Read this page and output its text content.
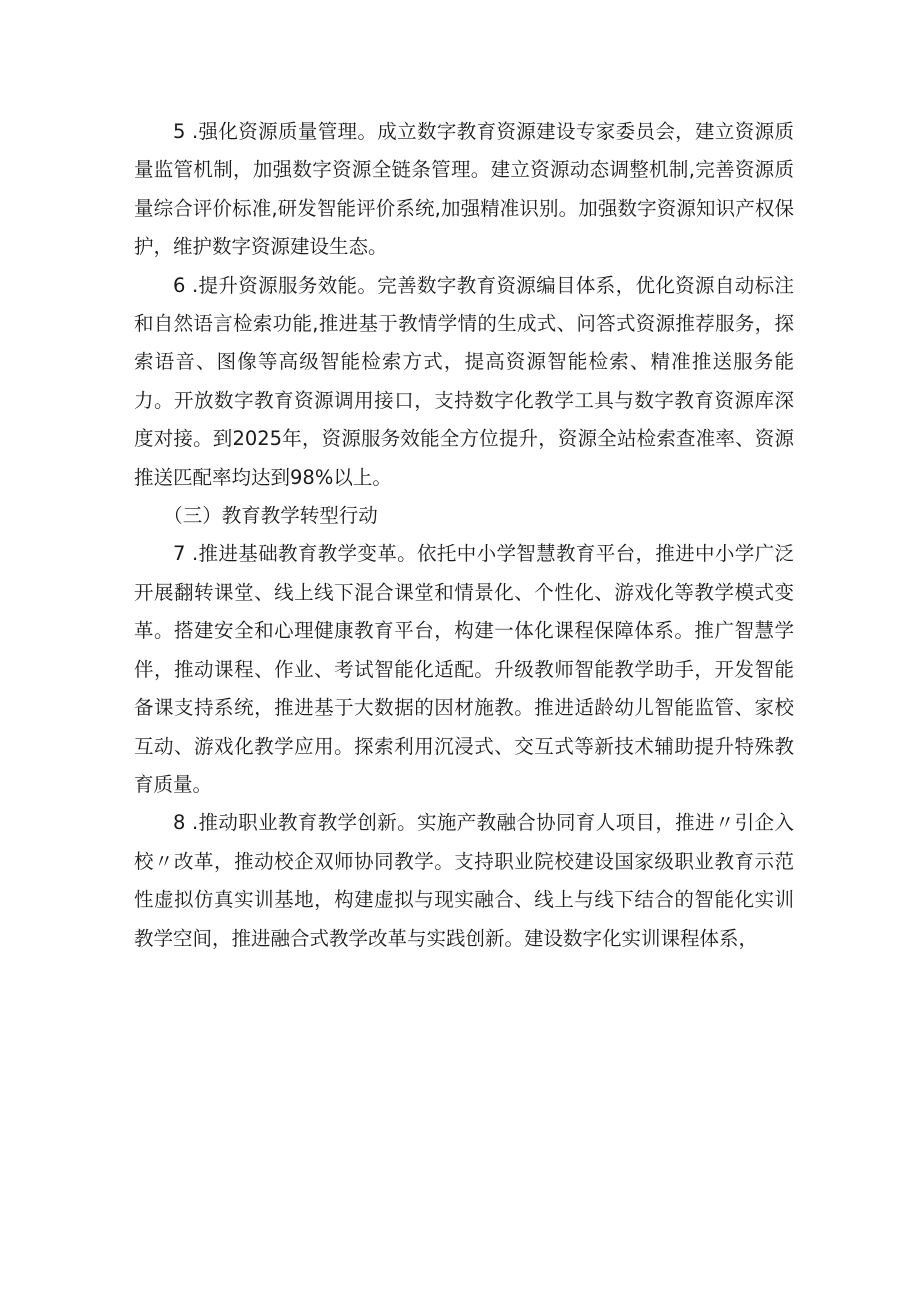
5 .强化资源质量管理。成立数字教育资源建设专家委员会，建立资源质量监管机制，加强数字资源全链条管理。建立资源动态调整机制,完善资源质量综合评价标准,研发智能评价系统,加强精准识别。加强数字资源知识产权保护，维护数字资源建设生态。

6 .提升资源服务效能。完善数字教育资源编目体系，优化资源自动标注和自然语言检索功能,推进基于教情学情的生成式、问答式资源推荐服务，探索语音、图像等高级智能检索方式，提高资源智能检索、精准推送服务能力。开放数字教育资源调用接口，支持数字化教学工具与数字教育资源库深度对接。到2025年，资源服务效能全方位提升，资源全站检索查准率、资源推送匹配率均达到98%以上。

（三）教育教学转型行动

7 .推进基础教育教学变革。依托中小学智慧教育平台，推进中小学广泛开展翻转课堂、线上线下混合课堂和情景化、个性化、游戏化等教学模式变革。搭建安全和心理健康教育平台，构建一体化课程保障体系。推广智慧学伴，推动课程、作业、考试智能化适配。升级教师智能教学助手，开发智能备课支持系统，推进基于大数据的因材施教。推进适龄幼儿智能监管、家校互动、游戏化教学应用。探索利用沉浸式、交互式等新技术辅助提升特殊教育质量。

8 .推动职业教育教学创新。实施产教融合协同育人项目，推进〃引企入校〃改革，推动校企双师协同教学。支持职业院校建设国家级职业教育示范性虚拟仿真实训基地，构建虚拟与现实融合、线上与线下结合的智能化实训教学空间，推进融合式教学改革与实践创新。建设数字化实训课程体系，
